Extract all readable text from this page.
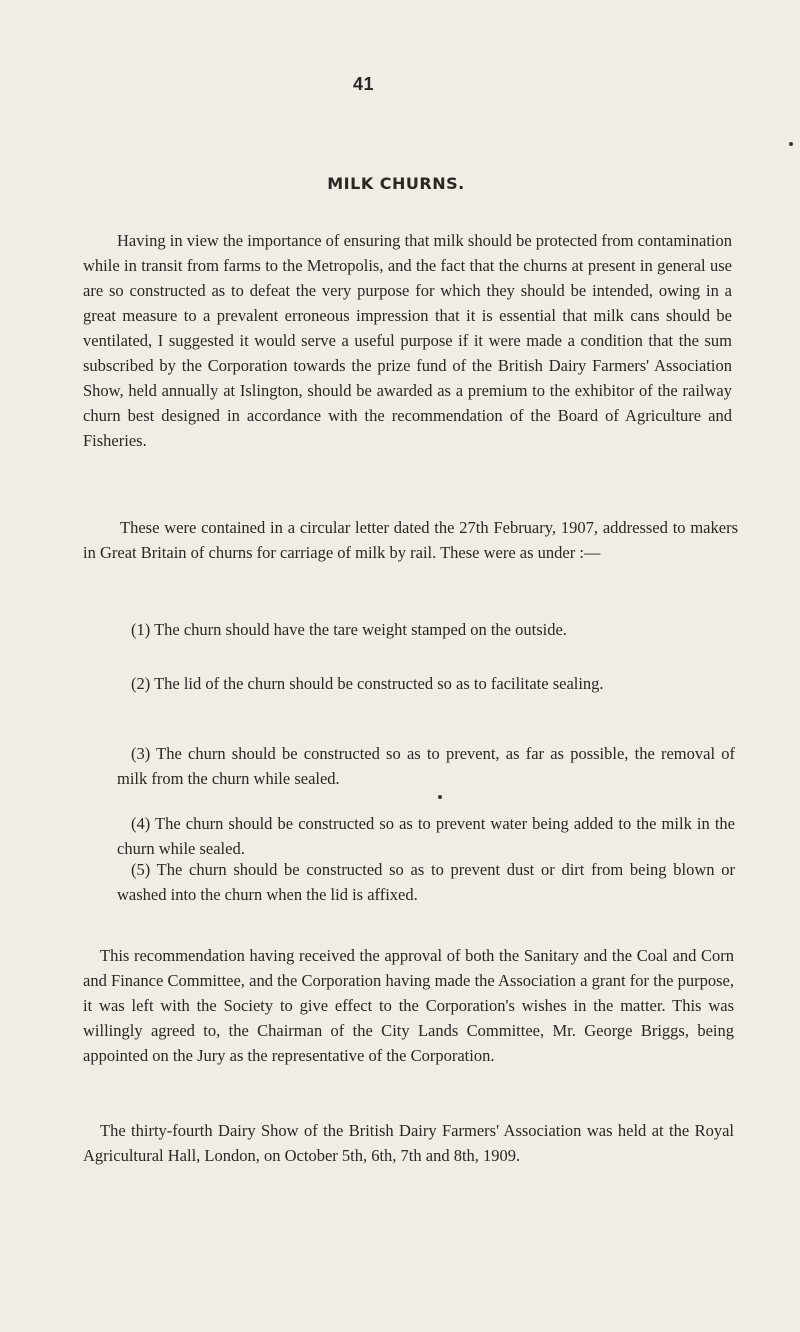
41
MILK CHURNS.

Having in view the importance of ensuring that milk should be protected from contamination while in transit from farms to the Metropolis, and the fact that the churns at present in general use are so constructed as to defeat the very purpose for which they should be intended, owing in a great measure to a prevalent erroneous impression that it is essential that milk cans should be ventilated, I suggested it would serve a useful purpose if it were made a condition that the sum subscribed by the Corporation towards the prize fund of the British Dairy Farmers' Association Show, held annually at Islington, should be awarded as a premium to the exhibitor of the railway churn best designed in accordance with the recommendation of the Board of Agriculture and Fisheries.

These were contained in a circular letter dated the 27th February, 1907, addressed to makers in Great Britain of churns for carriage of milk by rail. These were as under :—

(1) The churn should have the tare weight stamped on the outside.

(2) The lid of the churn should be constructed so as to facilitate sealing.

(3) The churn should be constructed so as to prevent, as far as possible, the removal of milk from the churn while sealed.

(4) The churn should be constructed so as to prevent water being added to the milk in the churn while sealed.

(5) The churn should be constructed so as to prevent dust or dirt from being blown or washed into the churn when the lid is affixed.

This recommendation having received the approval of both the Sanitary and the Coal and Corn and Finance Committee, and the Corporation having made the Association a grant for the purpose, it was left with the Society to give effect to the Corporation's wishes in the matter. This was willingly agreed to, the Chairman of the City Lands Committee, Mr. George Briggs, being appointed on the Jury as the representative of the Corporation.

The thirty-fourth Dairy Show of the British Dairy Farmers' Association was held at the Royal Agricultural Hall, London, on October 5th, 6th, 7th and 8th, 1909.
